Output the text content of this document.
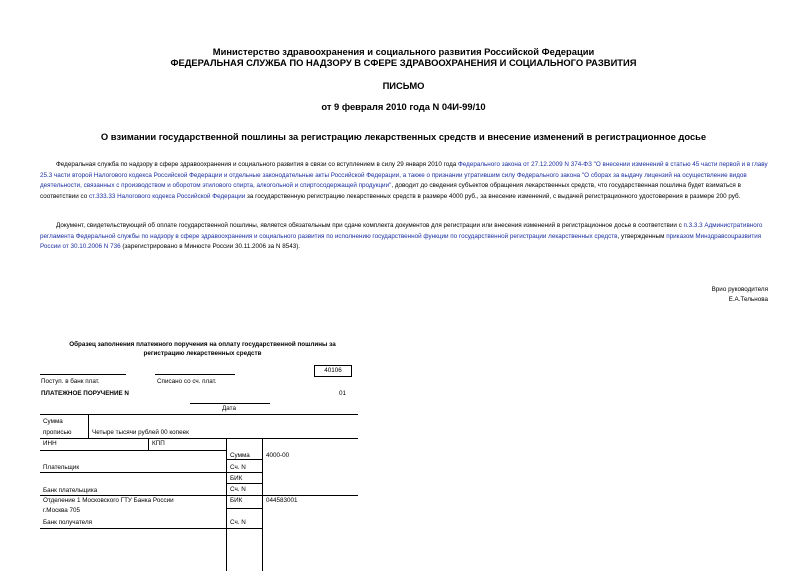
Министерство здравоохранения и социального развития Российской Федерации
ФЕДЕРАЛЬНАЯ СЛУЖБА ПО НАДЗОРУ В СФЕРЕ ЗДРАВООХРАНЕНИЯ И СОЦИАЛЬНОГО РАЗВИТИЯ
ПИСЬМО
от 9 февраля 2010 года N 04И-99/10
О взимании государственной пошлины за регистрацию лекарственных средств и внесение изменений в регистрационное досье
Федеральная служба по надзору в сфере здравоохранения и социального развития в связи со вступлением в силу 29 января 2010 года Федерального закона от 27.12.2009 N 374-ФЗ "О внесении изменений в статью 45 части первой и в главу 25.3 части второй Налогового кодекса Российской Федерации и отдельные законодательные акты Российской Федерации, а также о признании утратившим силу Федерального закона "О сборах за выдачу лицензий на осуществление видов деятельности, связанных с производством и оборотом этилового спирта, алкогольной и спиртосодержащей продукции", доводит до сведения субъектов обращения лекарственных средств, что государственная пошлина будет взиматься в соответствии со ст.333.33 Налогового кодекса Российской Федерации за государственную регистрацию лекарственных средств в размере 4000 руб., за внесение изменений, с выдачей регистрационного удостоверения в размере 200 руб.
Документ, свидетельствующий об оплате государственной пошлины, является обязательным при сдаче комплекта документов для регистрации или внесения изменений в регистрационное досье в соответствии с п.3.3.3 Административного регламента Федеральной службы по надзору в сфере здравоохранения и социального развития по исполнению государственной функции по государственной регистрации лекарственных средств, утвержденным приказом Минздравсоцразвития России от 30.10.2006 N 736 (зарегистрировано в Минюсте России 30.11.2006 за N 8543).
Врио руководителя
Е.А.Тельнова
Образец заполнения платежного поручения на оплату государственной пошлины за регистрацию лекарственных средств
40106
Поступ. в банк плат.	Списано со сч. плат.
ПЛАТЕЖНОЕ ПОРУЧЕНИЕ N	01
Дата
Сумма
прописью	Четыре тысячи рублей 00 копеек
ИНН	КПП
Сумма	4000-00
Плательщик	Сч. N
БИК
Сч. N
Банк плательщика
Отделение 1 Московского ГТУ Банка России	БИК	044583001
г.Москва 705
Банк получателя	Сч. N
